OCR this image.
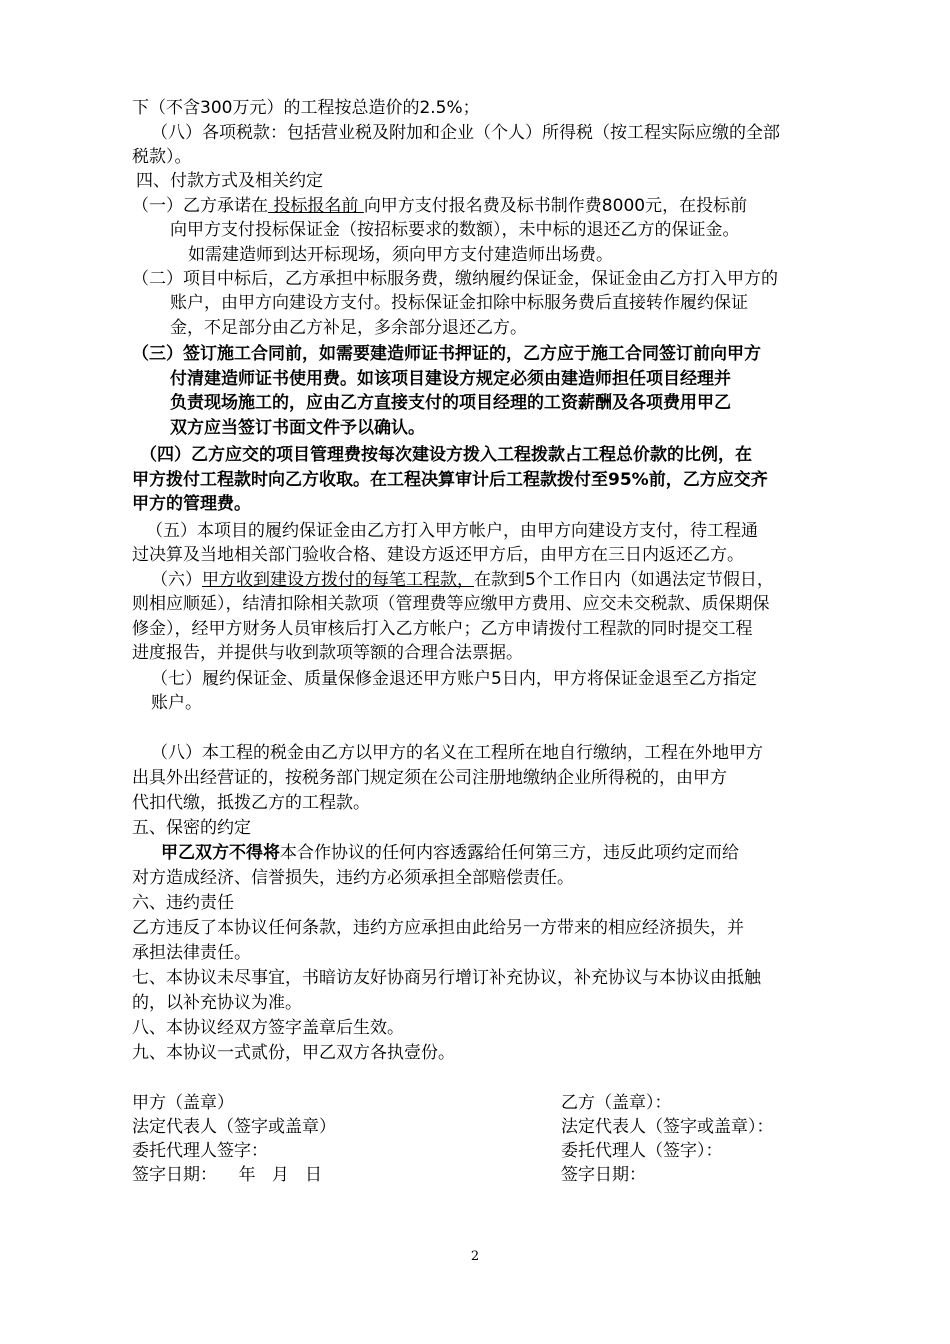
下（不含300万元）的工程按总造价的2.5%；
（八）各项税款：包括营业税及附加和企业（个人）所得税（按工程实际应缴的全部
税款）。
四、付款方式及相关约定
（一）乙方承诺在 投标报名前 向甲方支付报名费及标书制作费8000元，在投标前
向甲方支付投标保证金（按招标要求的数额），未中标的退还乙方的保证金。
如需建造师到达开标现场，须向甲方支付建造师出场费。
（二）项目中标后，乙方承担中标服务费，缴纳履约保证金，保证金由乙方打入甲方的
账户，由甲方向建设方支付。投标保证金扣除中标服务费后直接转作履约保证
金，不足部分由乙方补足，多余部分退还乙方。
（三）签订施工合同前，如需要建造师证书押证的，乙方应于施工合同签订前向甲方
付清建造师证书使用费。如该项目建设方规定必须由建造师担任项目经理并
负责现场施工的，应由乙方直接支付的项目经理的工资薪酬及各项费用甲乙
双方应当签订书面文件予以确认。
（四）乙方应交的项目管理费按每次建设方拨入工程拨款占工程总价款的比例，在
甲方拨付工程款时向乙方收取。在工程决算审计后工程款拨付至95%前，乙方应交齐
甲方的管理费。
（五）本项目的履约保证金由乙方打入甲方帐户，由甲方向建设方支付，待工程通
过决算及当地相关部门验收合格、建设方返还甲方后，由甲方在三日内返还乙方。
（六）甲方收到建设方拨付的每笔工程款，在款到5个工作日内（如遇法定节假日，
则相应顺延），结清扣除相关款项（管理费等应缴甲方费用、应交未交税款、质保期保
修金），经甲方财务人员审核后打入乙方帐户；乙方申请拨付工程款的同时提交工程
进度报告，并提供与收到款项等额的合理合法票据。
（七）履约保证金、质量保修金退还甲方账户5日内，甲方将保证金退至乙方指定
账户。
（八）本工程的税金由乙方以甲方的名义在工程所在地自行缴纳，工程在外地甲方
出具外出经营证的，按税务部门规定须在公司注册地缴纳企业所得税的，由甲方
代扣代缴，抵拨乙方的工程款。
五、保密的约定
甲乙双方不得将本合作协议的任何内容透露给任何第三方，违反此项约定而给
对方造成经济、信誉损失，违约方必须承担全部赔偿责任。
六、违约责任
乙方违反了本协议任何条款，违约方应承担由此给另一方带来的相应经济损失，并
承担法律责任。
七、本协议未尽事宜，书暗访友好协商另行增订补充协议，补充协议与本协议由抵触
的，以补充协议为准。
八、本协议经双方签字盖章后生效。
九、本协议一式贰份，甲乙双方各执壹份。
甲方（盖章）
法定代表人（签字或盖章）
委托代理人签字：
签字日期：    年   月   日
乙方（盖章）：
法定代表人（签字或盖章）：
委托代理人（签字）：
签字日期：
2
